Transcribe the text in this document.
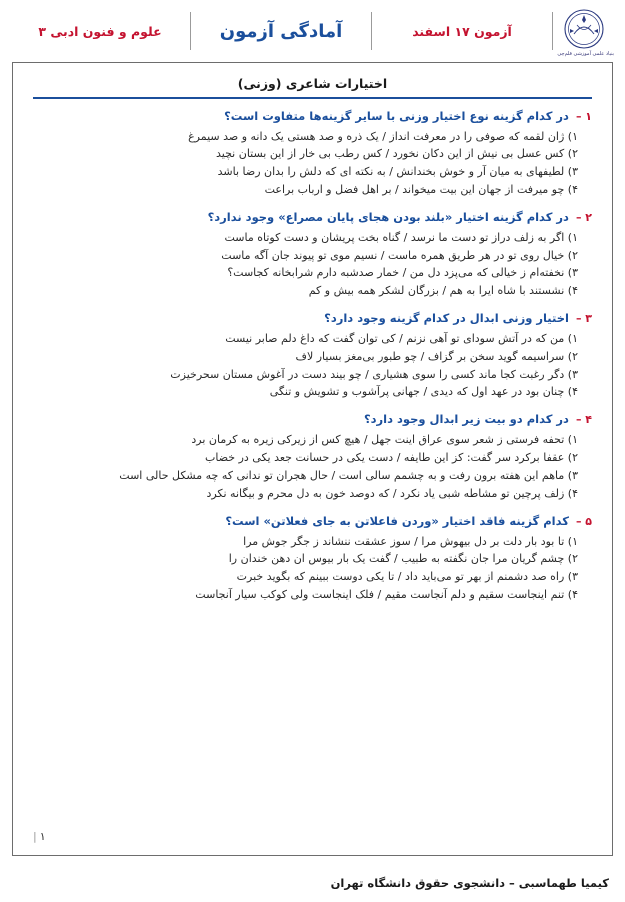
بنیاد علمی آموزشی قلم‌چی
آزمون ۱۷ اسفند
آمادگی آزمون
علوم و فنون ادبی ۳
اختیارات شاعری (وزنی)
۱ – در کدام گزینه نوع اختیار وزنی با سایر گزینه‌ها متفاوت است؟
۱) ژان لقمه که صوفی را در معرفت انداز / یک ذره و صد هستی یک دانه و صد سیمرغ
۲) کس عسل بی نیش از این دکان نخورد / کس رطب بی خار از این بستان نچید
۳) لطیفهای به میان آر و خوش بخندانش / به نکته ای که دلش را بدان رضا باشد
۴) چو میرفت از جهان این بیت میخواند / بر اهل فضل و ارباب براعت
۲ – در کدام گزینه اختیار «بلند بودن هجای پایان مصراع» وجود ندارد؟
۱) اگر به زلف دراز تو دست ما نرسد / گناه بخت پریشان و دست کوتاه ماست
۲) خیال روی تو در هر طریق همره ماست / نسیم موی تو پیوند جان آگه ماست
۳) نخفته‌ام ز خیالی که می‌پزد دل من / خمار صدشبه دارم شرابخانه کجاست؟
۴) نشستند با شاه ایرا به هم / بزرگان لشکر همه بیش و کم
۳ – اختیار وزنی ابدال در کدام گزینه وجود دارد؟
۱) من که در آتش سودای تو آهی نزنم / کی توان گفت که داغ دلم صابر نیست
۲) سراسیمه گوید سخن بر گزاف / چو طبور بی‌مغز بسیار لاف
۳) دگر رغبت کجا ماند کسی را سوی هشیاری / چو بیند دست در آغوش مستان سحرخیزت
۴) چنان بود در عهد اول که دیدی / جهانی پرآشوب و تشویش و تنگی
۴ – در کدام دو بیت زیر ابدال وجود دارد؟
۱) تحفه فرستی ز شعر سوی عراق اینت جهل / هیچ کس از زیرکی زیره به کرمان برد
۲) عقفا برکرد سر گفت: کز این طایفه / دست یکی در حسانت جعد یکی در خضاب
۳) ماهم این هفته برون رفت و به چشمم سالی است / حال هجران تو ندانی که چه مشکل حالی است
۴) زلف پرچین تو مشاطه شبی یاد نکرد / که دوصد خون به دل محرم و بیگانه نکرد
۵ – کدام گزینه فاقد اختیار «وردن فاعلاتن به جای فعلاتن» است؟
۱) تا بود بار دلت بر دل بیهوش مرا / سوز عشقت ننشاند ز جگر جوش مرا
۲) چشم گریان مرا جان نگفته به طبیب / گفت یک بار بیوس ان دهن خندان را
۳) راه صد دشمنم از بهر تو می‌باید داد / تا یکی دوست ببینم که بگوید خبرت
۴) تنم اینجاست سقیم و دلم آنجاست مقیم / فلک اینجاست ولی کوکب سیار آنجاست
| ۱
کیمیا طهماسبی – دانشجوی حقوق دانشگاه تهران
